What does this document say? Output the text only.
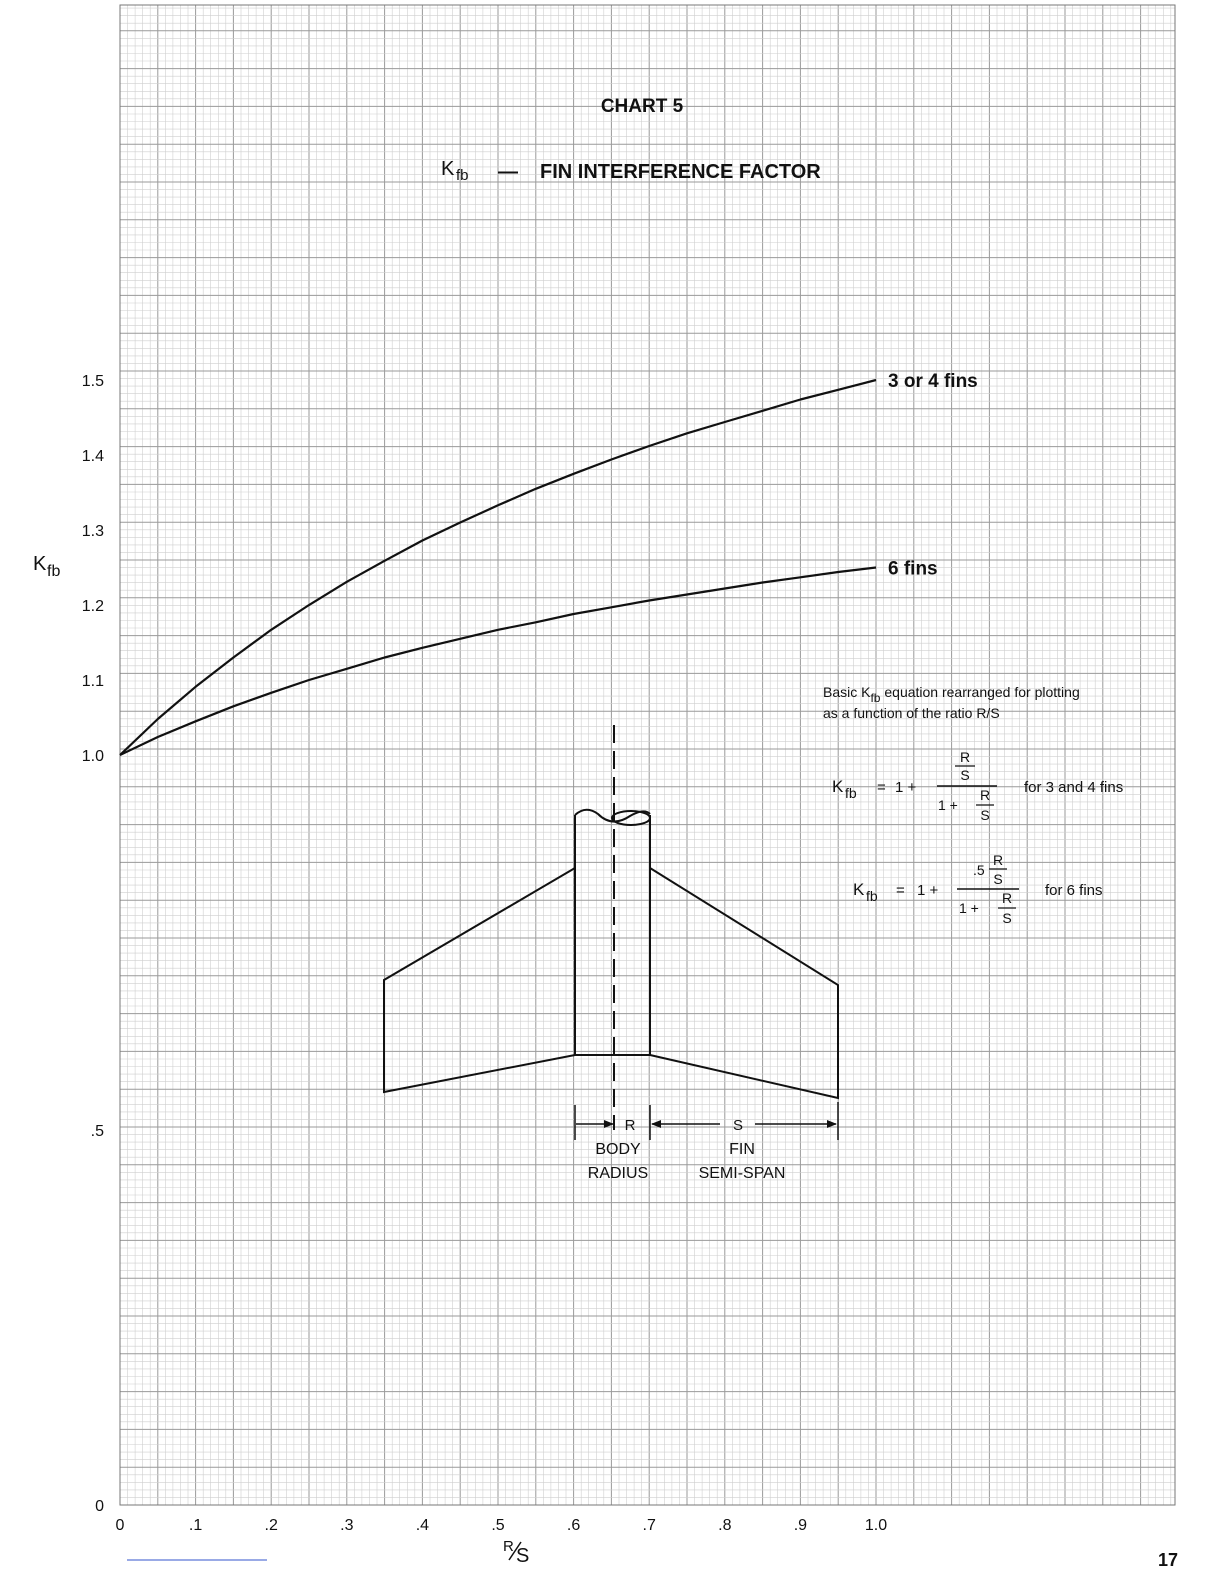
0	.1	.2	.3	.4	.5	.6	.7	.8	.9	1.0
0
.5
1.0
1.1
1.2
1.3
1.4
1.5
CHART 5
K fb — FIN INTERFERENCE FACTOR
K fb
R S
3 or 4 fins
6 fins
Basic Kfb equation rearranged for plotting
as a function of the ratio R/S
K fb = 1 +
R
S
1 +
R
S
for 3 and 4 fins
K fb = 1 +
.5
R
S
1 +
R
S
for 6 fins
R	S
BODY
RADIUS
FIN
SEMI-SPAN
17
